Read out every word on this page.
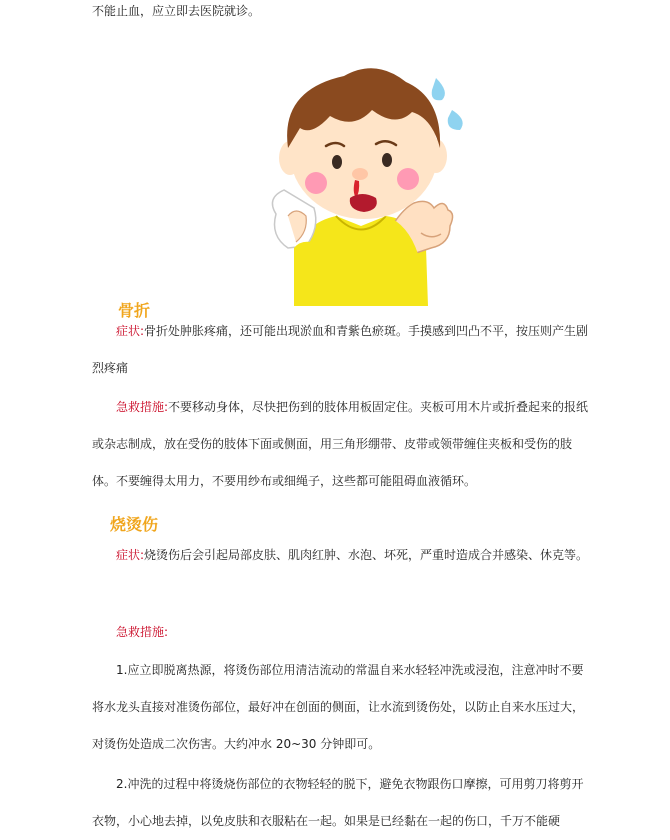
不能止血，应立即去医院就诊。

骨折

症状:骨折处肿胀疼痛，还可能出现淤血和青紫色瘀斑。手摸感到凹凸不平，按压则产生剧烈疼痛

急救措施:不要移动身体，尽快把伤到的肢体用板固定住。夹板可用木片或折叠起来的报纸或杂志制成，放在受伤的肢体下面或侧面，用三角形绷带、皮带或领带缠住夹板和受伤的肢体。不要缠得太用力，不要用纱布或细绳子，这些都可能阻碍血液循环。

烧烫伤

症状:烧烫伤后会引起局部皮肤、肌肉红肿、水泡、坏死，严重时造成合并感染、休克等。

急救措施:

1.应立即脱离热源，将烫伤部位用清洁流动的常温自来水轻轻冲洗或浸泡，注意冲时不要将水龙头直接对准烫伤部位，最好冲在创面的侧面，让水流到烫伤处，以防止自来水压过大，对烫伤处造成二次伤害。大约冲水 20~30 分钟即可。

2.冲洗的过程中将烫烧伤部位的衣物轻轻的脱下，避免衣物跟伤口摩擦，可用剪刀将剪开衣物，小心地去掉，以免皮肤和衣服粘在一起。如果是已经黏在一起的伤口，千万不能硬
